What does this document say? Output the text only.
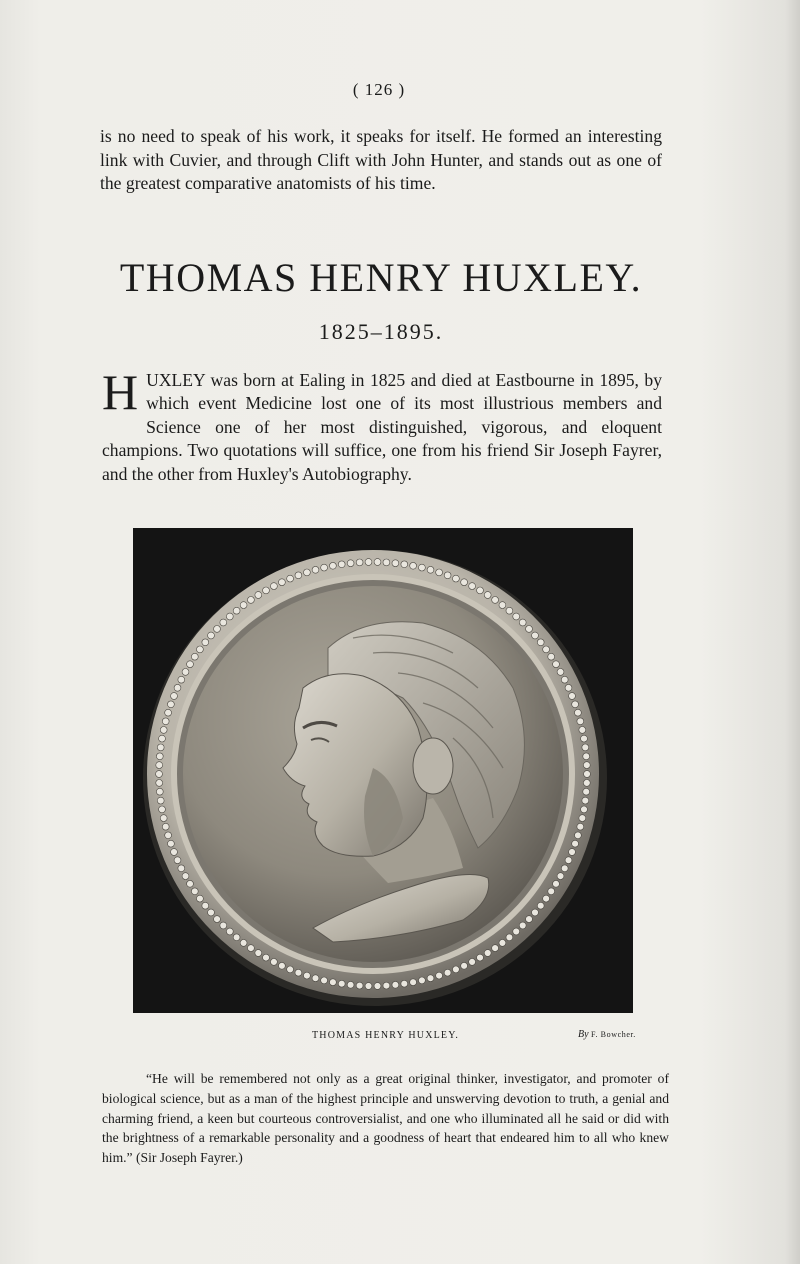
( 126 )

is no need to speak of his work, it speaks for itself. He formed an interesting link with Cuvier, and through Clift with John Hunter, and stands out as one of the greatest comparative anatomists of his time.

THOMAS HENRY HUXLEY.
1825–1895.

HUXLEY was born at Ealing in 1825 and died at Eastbourne in 1895, by which event Medicine lost one of its most illustrious members and Science one of her most distinguished, vigorous, and eloquent champions. Two quotations will suffice, one from his friend Sir Joseph Fayrer, and the other from Huxley's Autobiography.

THOMAS HENRY HUXLEY.	By F. Bowcher.

“He will be remembered not only as a great original thinker, investigator, and promoter of biological science, but as a man of the highest principle and unswerving devotion to truth, a genial and charming friend, a keen but courteous controversialist, and one who illuminated all he said or did with the brightness of a remarkable personality and a goodness of heart that endeared him to all who knew him.” (Sir Joseph Fayrer.)
